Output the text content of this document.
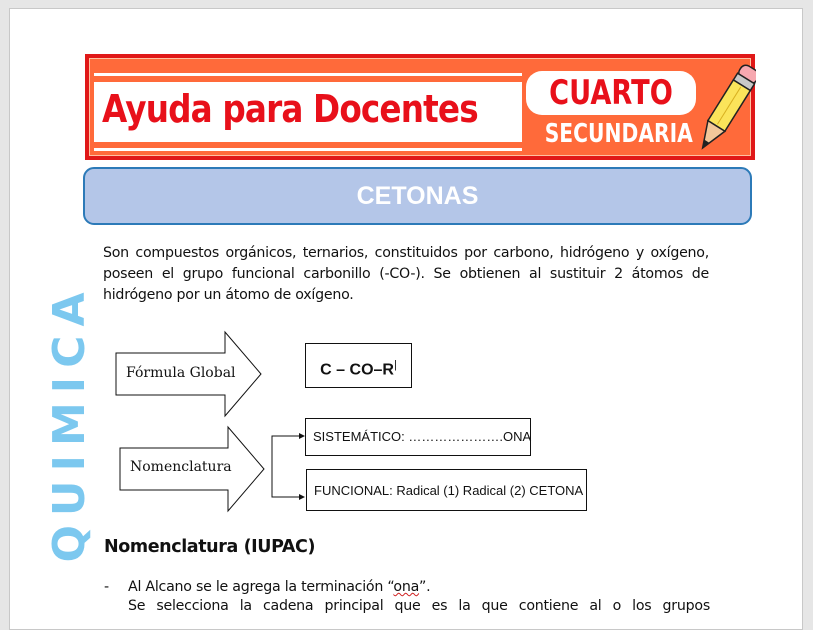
Ayuda para Docentes CUARTO
SECUNDARIA
CETONAS
QUIMICA
Son compuestos orgánicos, ternarios, constituidos por carbono, hidrógeno y oxígeno, poseen el grupo funcional carbonillo (-CO-). Se obtienen al sustituir 2 átomos de hidrógeno por un átomo de oxígeno.
Fórmula Global
Nomenclatura
C – CO–R|
SISTEMÁTICO: ………………….ONA
FUNCIONAL: Radical (1) Radical (2) CETONA
Nomenclatura (IUPAC)
- Al Alcano se le agrega la terminación “ona”.
Se selecciona la cadena principal que es la que contiene al o los grupos
